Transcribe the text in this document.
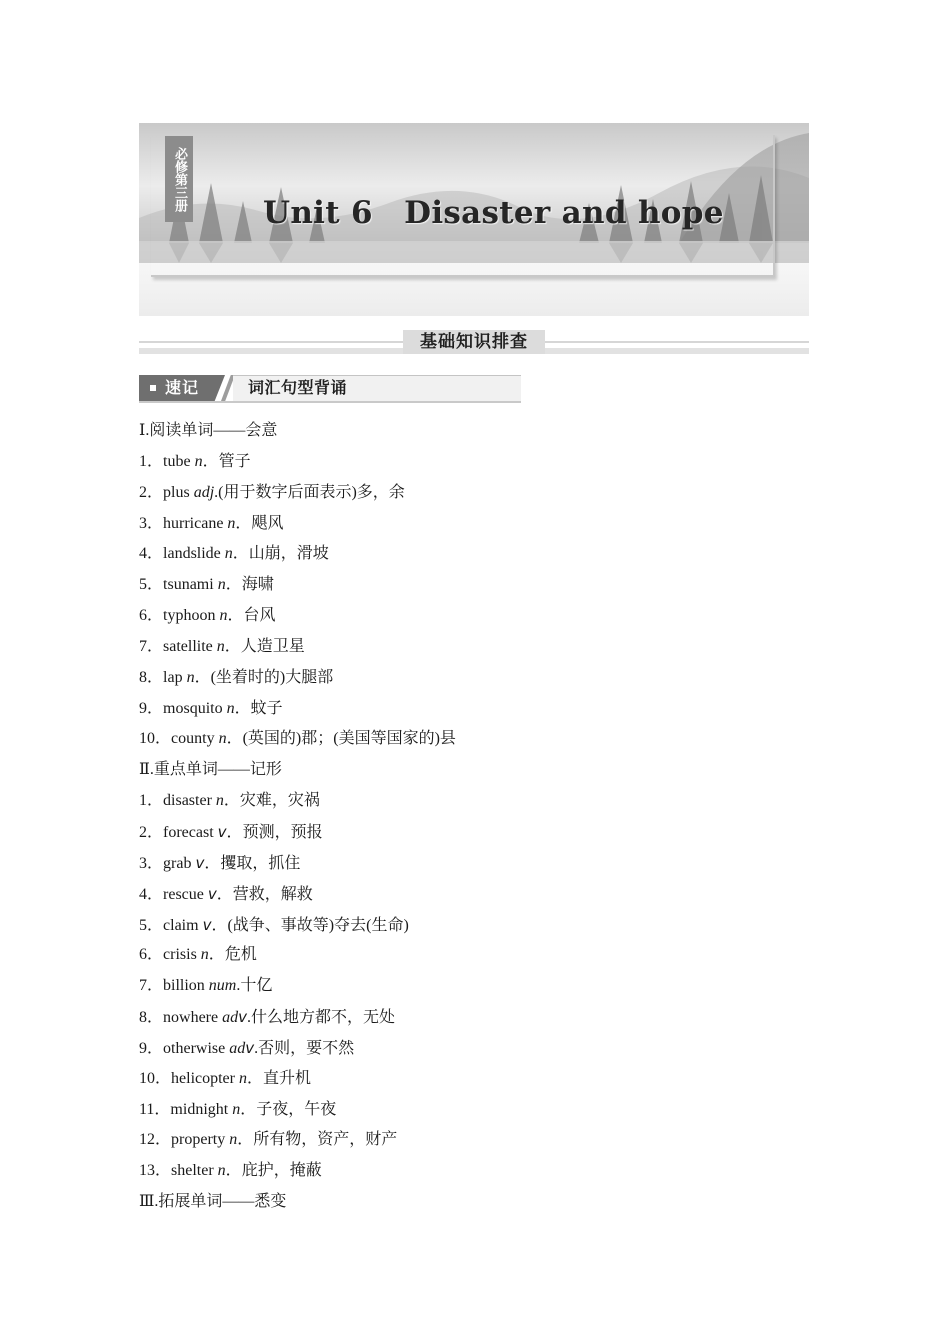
必修第三册
Unit 6　Disaster and hope
基础知识排查
速记	词汇句型背诵
Ⅰ.阅读单词——会意
1．tube n．管子
2．plus adj.(用于数字后面表示)多，余
3．hurricane n．飓风
4．landslide n．山崩，滑坡
5．tsunami n．海啸
6．typhoon n．台风
7．satellite n．人造卫星
8．lap n．(坐着时的)大腿部
9．mosquito n．蚊子
10．county n．(英国的)郡；(美国等国家的)县
Ⅱ.重点单词——记形
1．disaster n．灾难，灾祸
2．forecast v．预测，预报
3．grab v．攫取，抓住
4．rescue v．营救，解救
5．claim v．(战争、事故等)夺去(生命)
6．crisis n．危机
7．billion num.十亿
8．nowhere adv.什么地方都不，无处
9．otherwise adv.否则，要不然
10．helicopter n．直升机
11．midnight n．子夜，午夜
12．property n．所有物，资产，财产
13．shelter n．庇护，掩蔽
Ⅲ.拓展单词——悉变
